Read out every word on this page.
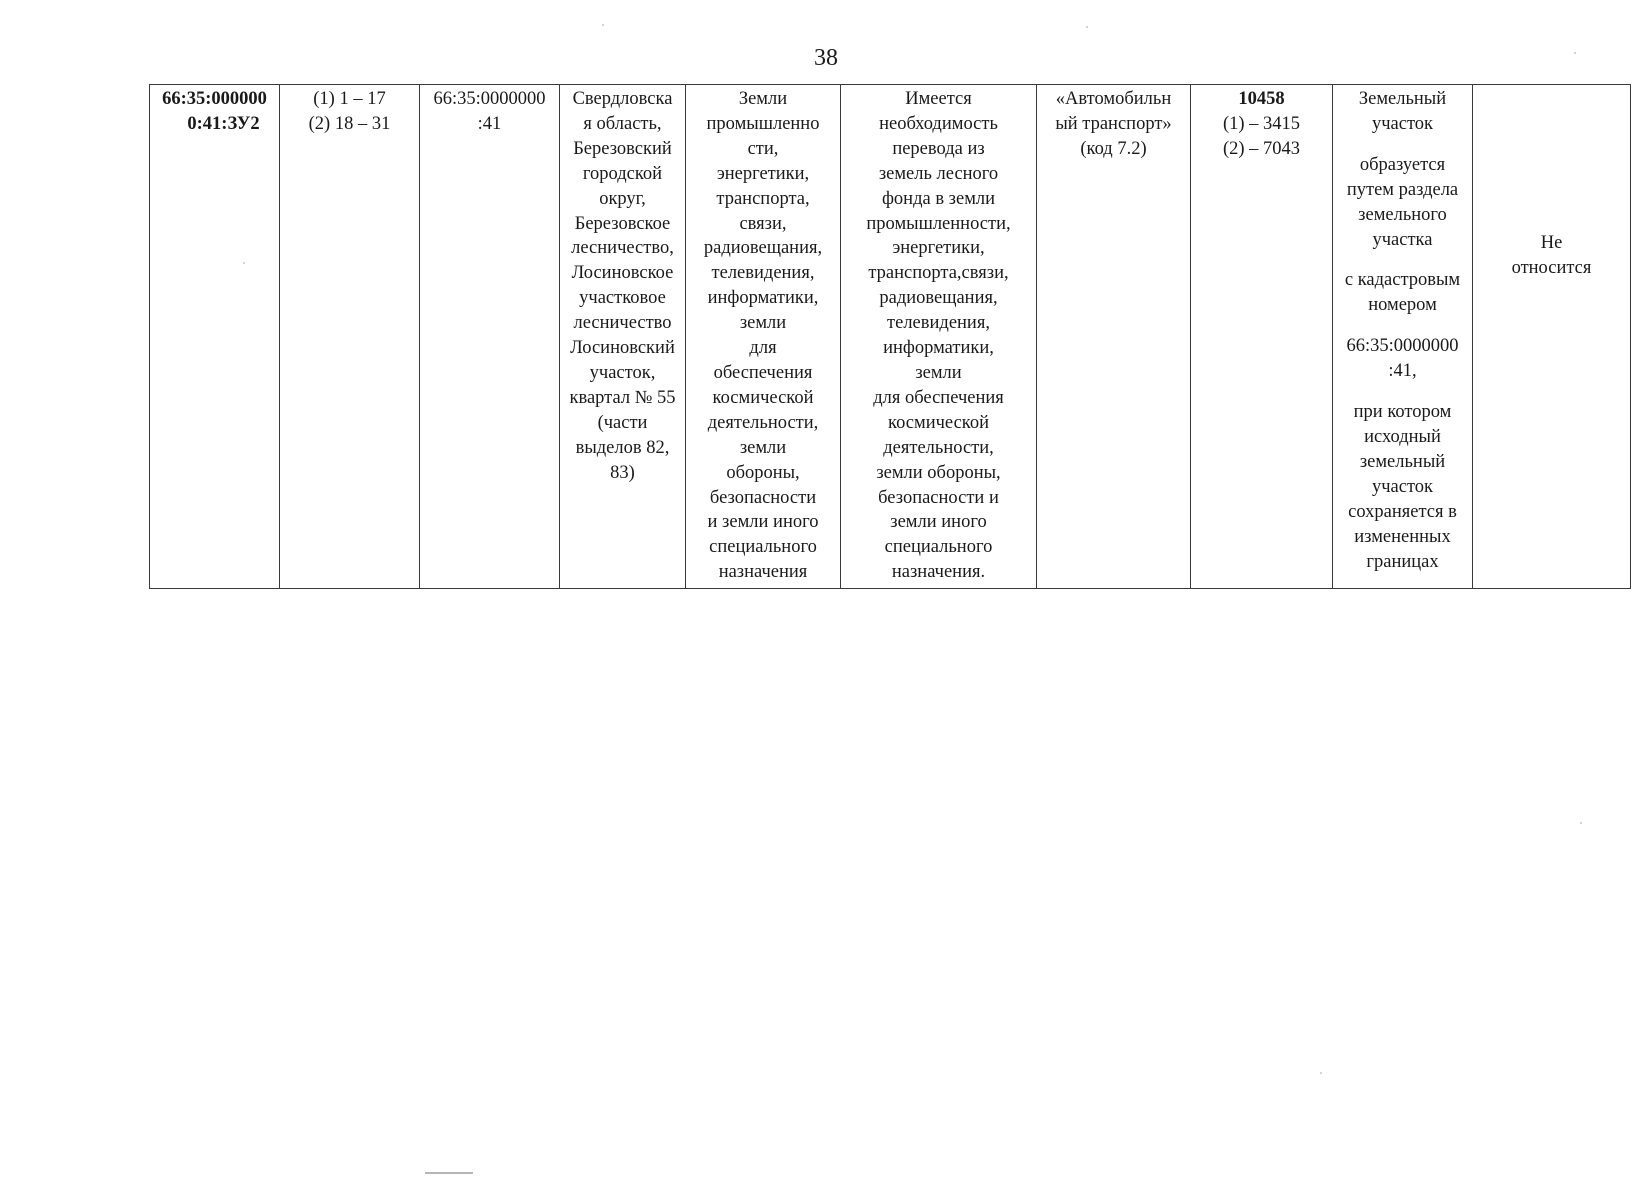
38
66:35:000000
0:41:ЗУ2

(1) 1 – 17
(2) 18 – 31

66:35:0000000
:41

Свердловска
я область,
Березовский
городской
округ,
Березовское
лесничество,
Лосиновское
участковое
лесничество
Лосиновский
участок,
квартал № 55
(части
выделов 82,
83)

Земли
промышленно
сти,
энергетики,
транспорта,
связи,
радиовещания,
телевидения,
информатики,
земли
для
обеспечения
космической
деятельности,
земли
обороны,
безопасности
и земли иного
специального
назначения

Имеется
необходимость
перевода из
земель лесного
фонда в земли
промышленности,
энергетики,
транспорта,связи,
радиовещания,
телевидения,
информатики,
земли
для обеспечения
космической
деятельности,
земли обороны,
безопасности и
земли иного
специального
назначения.

«Автомобильн
ый транспорт»
(код 7.2)

10458
(1) – 3415
(2) – 7043

Земельный
участок
образуется
путем раздела
земельного
участка
с кадастровым
номером
66:35:0000000
:41,
при котором
исходный
земельный
участок
сохраняется в
измененных
границах

Не
относится
